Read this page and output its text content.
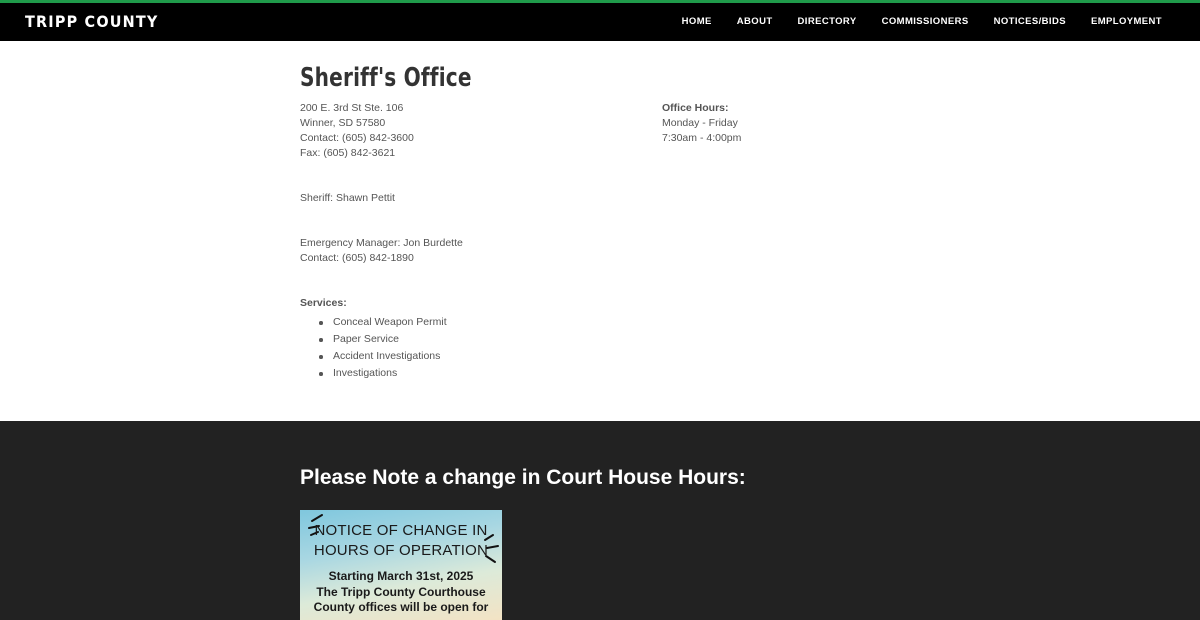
TRIPP COUNTY	HOME	ABOUT	DIRECTORY	COMMISSIONERS	NOTICES/BIDS	EMPLOYMENT
Sheriff's Office
200 E. 3rd St Ste. 106
Winner, SD 57580
Contact: (605) 842-3600
Fax: (605) 842-3621
Sheriff: Shawn Pettit
Emergency Manager: Jon Burdette
Contact: (605) 842-1890
Services:
Conceal Weapon Permit
Paper Service
Accident Investigations
Investigations
Office Hours:
Monday - Friday
7:30am - 4:00pm
Please Note a change in Court House Hours:
NOTICE OF CHANGE IN
HOURS OF OPERATION
Starting March 31st, 2025
The Tripp County Courthouse
County offices will be open for
